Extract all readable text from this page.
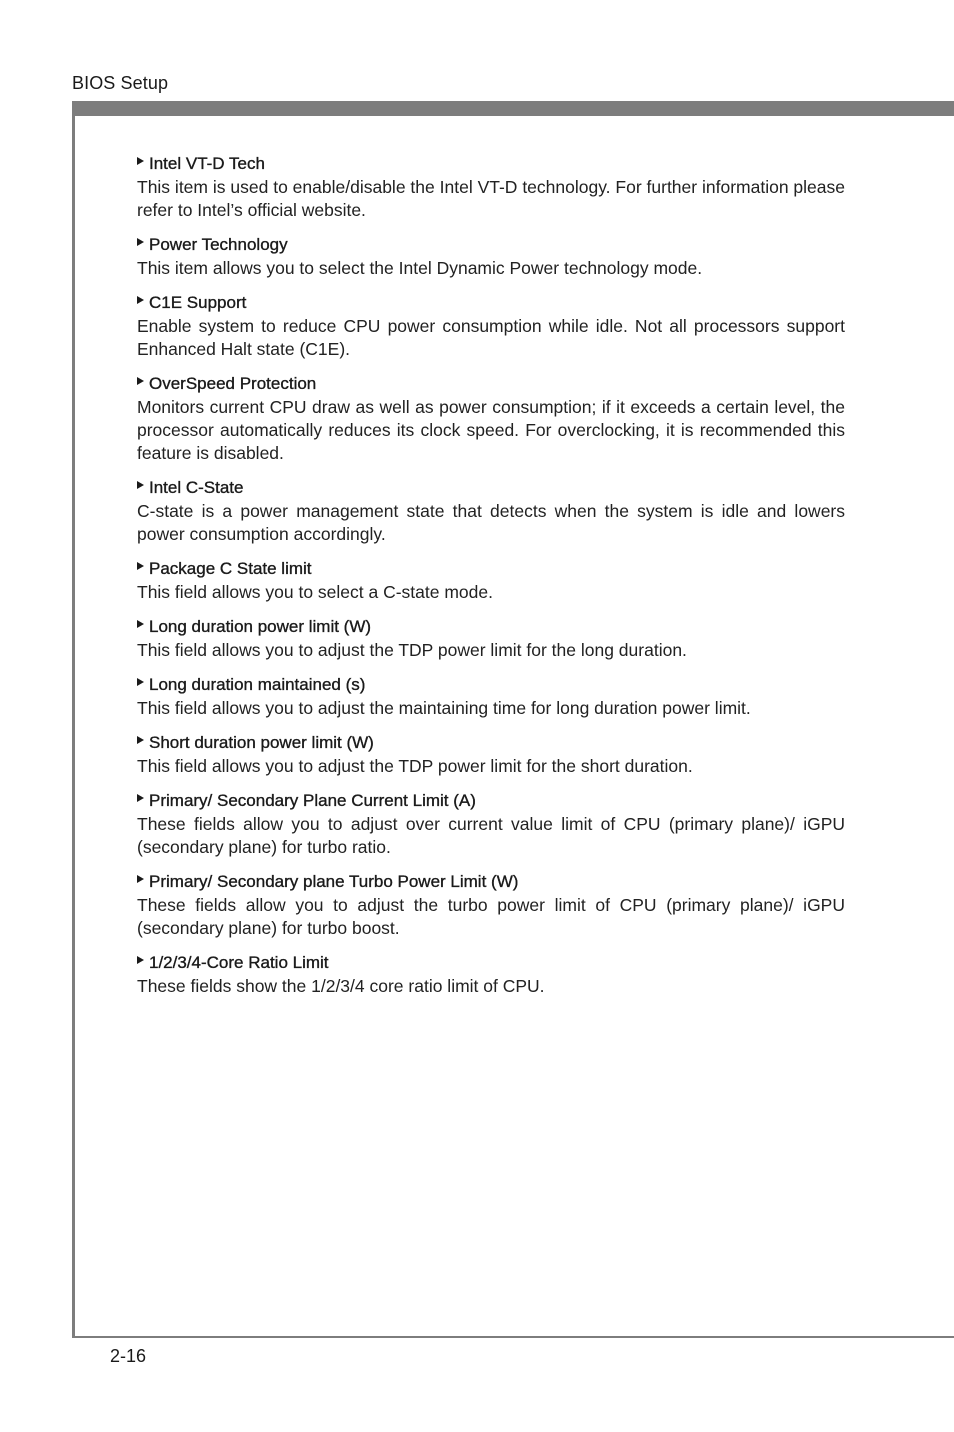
BIOS Setup
Intel VT-D Tech

This item is used to enable/disable the Intel VT-D technology. For further information please refer to Intel’s official website.

Power Technology

This item allows you to select the Intel Dynamic Power technology mode.

C1E Support

Enable system to reduce CPU power consumption while idle. Not all processors support Enhanced Halt state (C1E).

OverSpeed Protection

Monitors current CPU draw as well as power consumption; if it exceeds a certain level, the processor automatically reduces its clock speed. For overclocking, it is recommended this feature is disabled.

Intel C-State

C-state is a power management state that detects when the system is idle and lowers power consumption accordingly.

Package C State limit

This field allows you to select a C-state mode.

Long duration power limit (W)

This field allows you to adjust the TDP power limit for the long duration.

Long duration maintained (s)

This field allows you to adjust the maintaining time for long duration power limit.

Short duration power limit (W)

This field allows you to adjust the TDP power limit for the short duration.

Primary/ Secondary Plane Current Limit (A)

These fields allow you to adjust over current value limit of CPU (primary plane)/ iGPU (secondary plane) for turbo ratio.

Primary/ Secondary plane Turbo Power Limit (W)

These fields allow you to adjust the turbo power limit of CPU (primary plane)/ iGPU (secondary plane) for turbo boost.

1/2/3/4-Core Ratio Limit

These fields show the 1/2/3/4 core ratio limit of CPU.

2-16
